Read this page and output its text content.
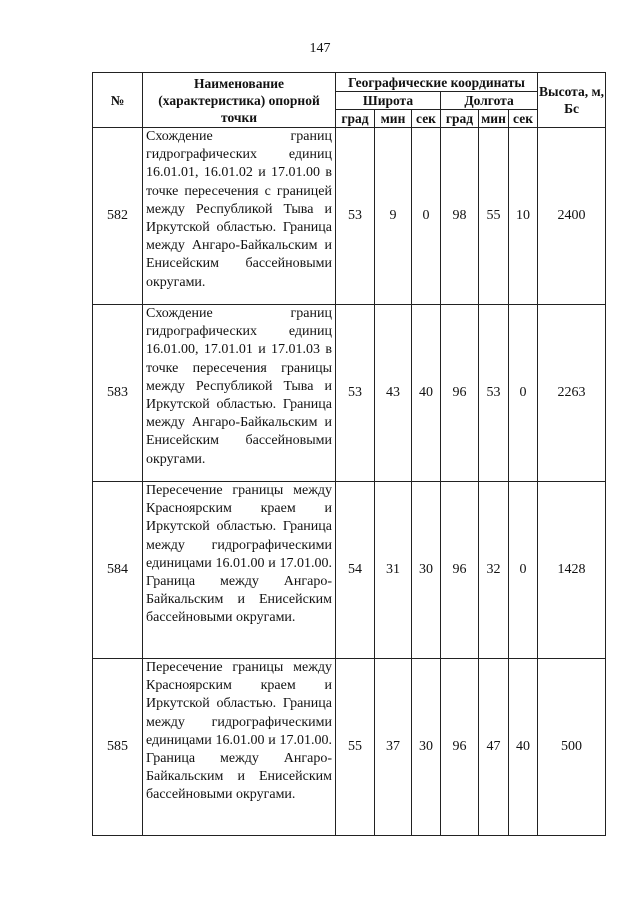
147
№	Наименование (характеристика) опорной точки	Географические координаты						Высота, м, Бс
		Широта			Долгота			
		град	мин	сек	град	мин	сек	
582	Схождение границ гидрографических единиц 16.01.01, 16.01.02 и 17.01.00 в точке пересечения с границей между Республикой Тыва и Иркутской областью. Граница между Ангаро-Байкальским и Енисейским бассейновыми округами.	53	9	0	98	55	10	2400
583	Схождение границ гидрографических единиц 16.01.00, 17.01.01 и 17.01.03 в точке пересечения границы между Республикой Тыва и Иркутской областью. Граница между Ангаро-Байкальским и Енисейским бассейновыми округами.	53	43	40	96	53	0	2263
584	Пересечение границы между Красноярским краем и Иркутской областью. Граница между гидрографическими единицами 16.01.00 и 17.01.00. Граница между Ангаро-Байкальским и Енисейским бассейновыми округами.	54	31	30	96	32	0	1428
585	Пересечение границы между Красноярским краем и Иркутской областью. Граница между гидрографическими единицами 16.01.00 и 17.01.00. Граница между Ангаро-Байкальским и Енисейским бассейновыми округами.	55	37	30	96	47	40	500
